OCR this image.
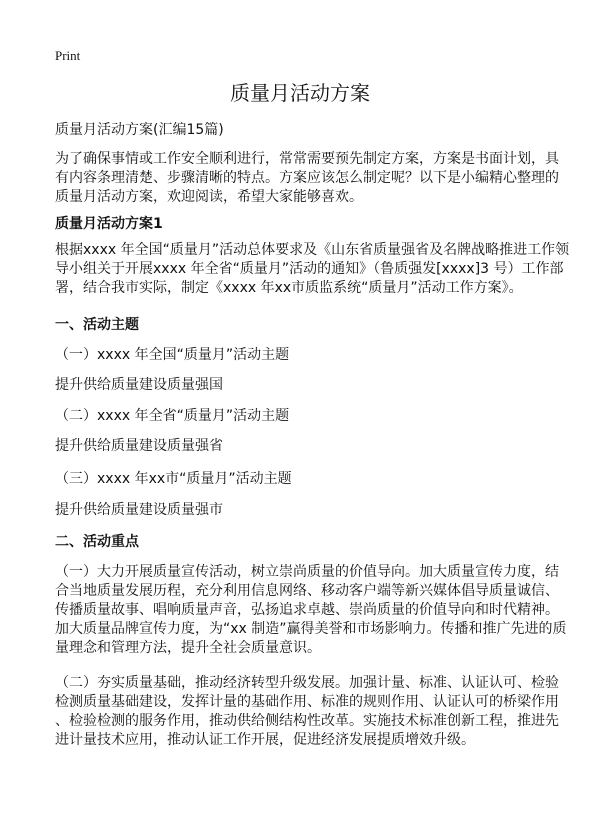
Print
质量月活动方案
质量月活动方案(汇编15篇)
为了确保事情或工作安全顺利进行，常常需要预先制定方案，方案是书面计划，具
有内容条理清楚、步骤清晰的特点。方案应该怎么制定呢？以下是小编精心整理的
质量月活动方案，欢迎阅读，希望大家能够喜欢。
质量月活动方案1
根据xxxx 年全国“质量月”活动总体要求及《山东省质量强省及名牌战略推进工作领
导小组关于开展xxxx 年全省“质量月”活动的通知》（鲁质强发[xxxx]3 号）工作部
署，结合我市实际，制定《xxxx 年xx市质监系统“质量月”活动工作方案》。
一、活动主题
（一）xxxx 年全国“质量月”活动主题
提升供给质量建设质量强国
（二）xxxx 年全省“质量月”活动主题
提升供给质量建设质量强省
（三）xxxx 年xx市“质量月”活动主题
提升供给质量建设质量强市
二、活动重点
（一）大力开展质量宣传活动，树立崇尚质量的价值导向。加大质量宣传力度，结
合当地质量发展历程，充分利用信息网络、移动客户端等新兴媒体倡导质量诚信、
传播质量故事、唱响质量声音，弘扬追求卓越、崇尚质量的价值导向和时代精神。
加大质量品牌宣传力度，为“xx 制造”赢得美誉和市场影响力。传播和推广先进的质
量理念和管理方法，提升全社会质量意识。
（二）夯实质量基础，推动经济转型升级发展。加强计量、标准、认证认可、检验
检测质量基础建设，发挥计量的基础作用、标准的规则作用、认证认可的桥梁作用
、检验检测的服务作用，推动供给侧结构性改革。实施技术标准创新工程，推进先
进计量技术应用，推动认证工作开展，促进经济发展提质增效升级。
